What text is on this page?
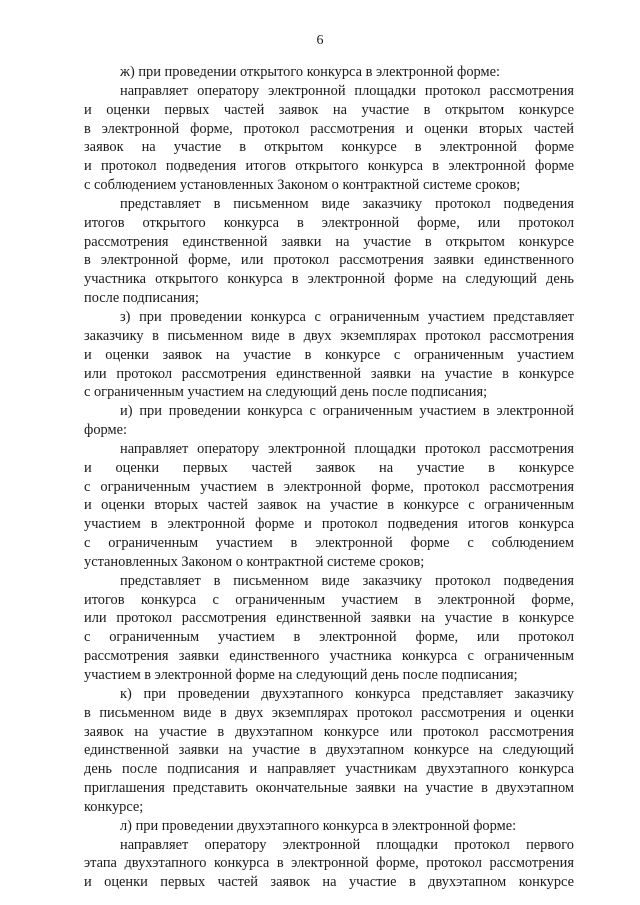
6
ж) при проведении открытого конкурса в электронной форме:
направляет оператору электронной площадки протокол рассмотрения
и оценки первых частей заявок на участие в открытом конкурсе
в электронной форме, протокол рассмотрения и оценки вторых частей
заявок на участие в открытом конкурсе в электронной форме
и протокол подведения итогов открытого конкурса в электронной форме
с соблюдением установленных Законом о контрактной системе сроков;
представляет в письменном виде заказчику протокол подведения
итогов открытого конкурса в электронной форме, или протокол
рассмотрения единственной заявки на участие в открытом конкурсе
в электронной форме, или протокол рассмотрения заявки единственного
участника открытого конкурса в электронной форме на следующий день
после подписания;
з) при проведении конкурса с ограниченным участием представляет
заказчику в письменном виде в двух экземплярах протокол рассмотрения
и оценки заявок на участие в конкурсе с ограниченным участием
или протокол рассмотрения единственной заявки на участие в конкурсе
с ограниченным участием на следующий день после подписания;
и) при проведении конкурса с ограниченным участием в электронной
форме:
направляет оператору электронной площадки протокол рассмотрения
и оценки первых частей заявок на участие в конкурсе
с ограниченным участием в электронной форме, протокол рассмотрения
и оценки вторых частей заявок на участие в конкурсе с ограниченным
участием в электронной форме и протокол подведения итогов конкурса
с ограниченным участием в электронной форме с соблюдением
установленных Законом о контрактной системе сроков;
представляет в письменном виде заказчику протокол подведения
итогов конкурса с ограниченным участием в электронной форме,
или протокол рассмотрения единственной заявки на участие в конкурсе
с ограниченным участием в электронной форме, или протокол
рассмотрения заявки единственного участника конкурса с ограниченным
участием в электронной форме на следующий день после подписания;
к) при проведении двухэтапного конкурса представляет заказчику
в письменном виде в двух экземплярах протокол рассмотрения и оценки
заявок на участие в двухэтапном конкурсе или протокол рассмотрения
единственной заявки на участие в двухэтапном конкурсе на следующий
день после подписания и направляет участникам двухэтапного конкурса
приглашения представить окончательные заявки на участие в двухэтапном
конкурсе;
л) при проведении двухэтапного конкурса в электронной форме:
направляет оператору электронной площадки протокол первого
этапа двухэтапного конкурса в электронной форме, протокол рассмотрения
и оценки первых частей заявок на участие в двухэтапном конкурсе
